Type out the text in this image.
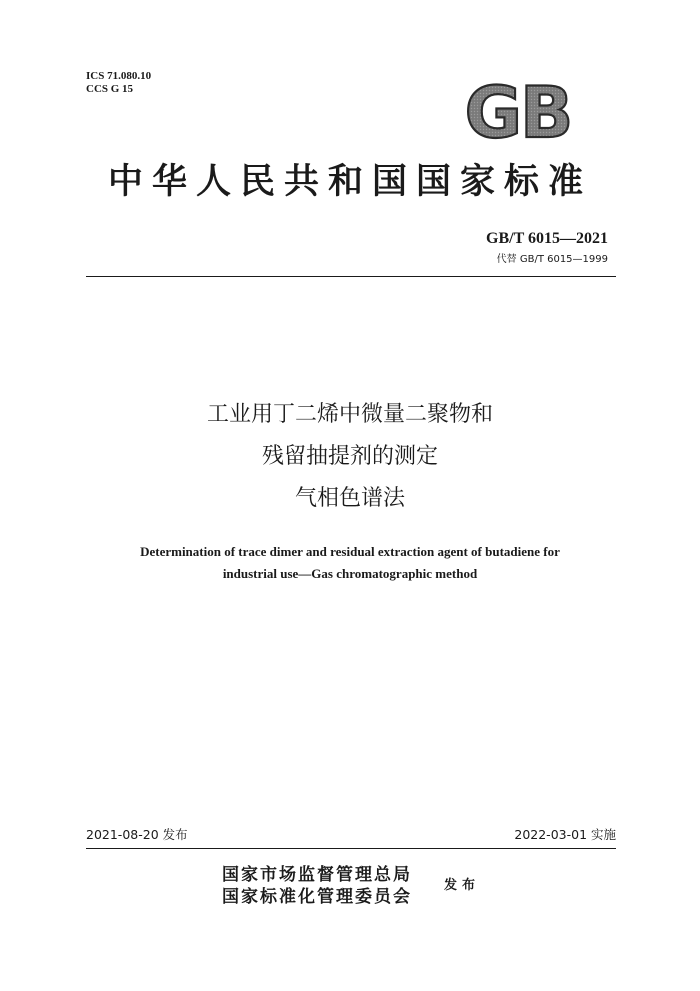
ICS 71.080.10
CCS G 15	GB
中华人民共和国国家标准
GB/T 6015—2021
代替 GB/T 6015—1999
工业用丁二烯中微量二聚物和
残留抽提剂的测定
气相色谱法
Determination of trace dimer and residual extraction agent of butadiene for
industrial use—Gas chromatographic method
2021-08-20 发布	2022-03-01 实施
国家市场监督管理总局
国家标准化管理委员会
发布
